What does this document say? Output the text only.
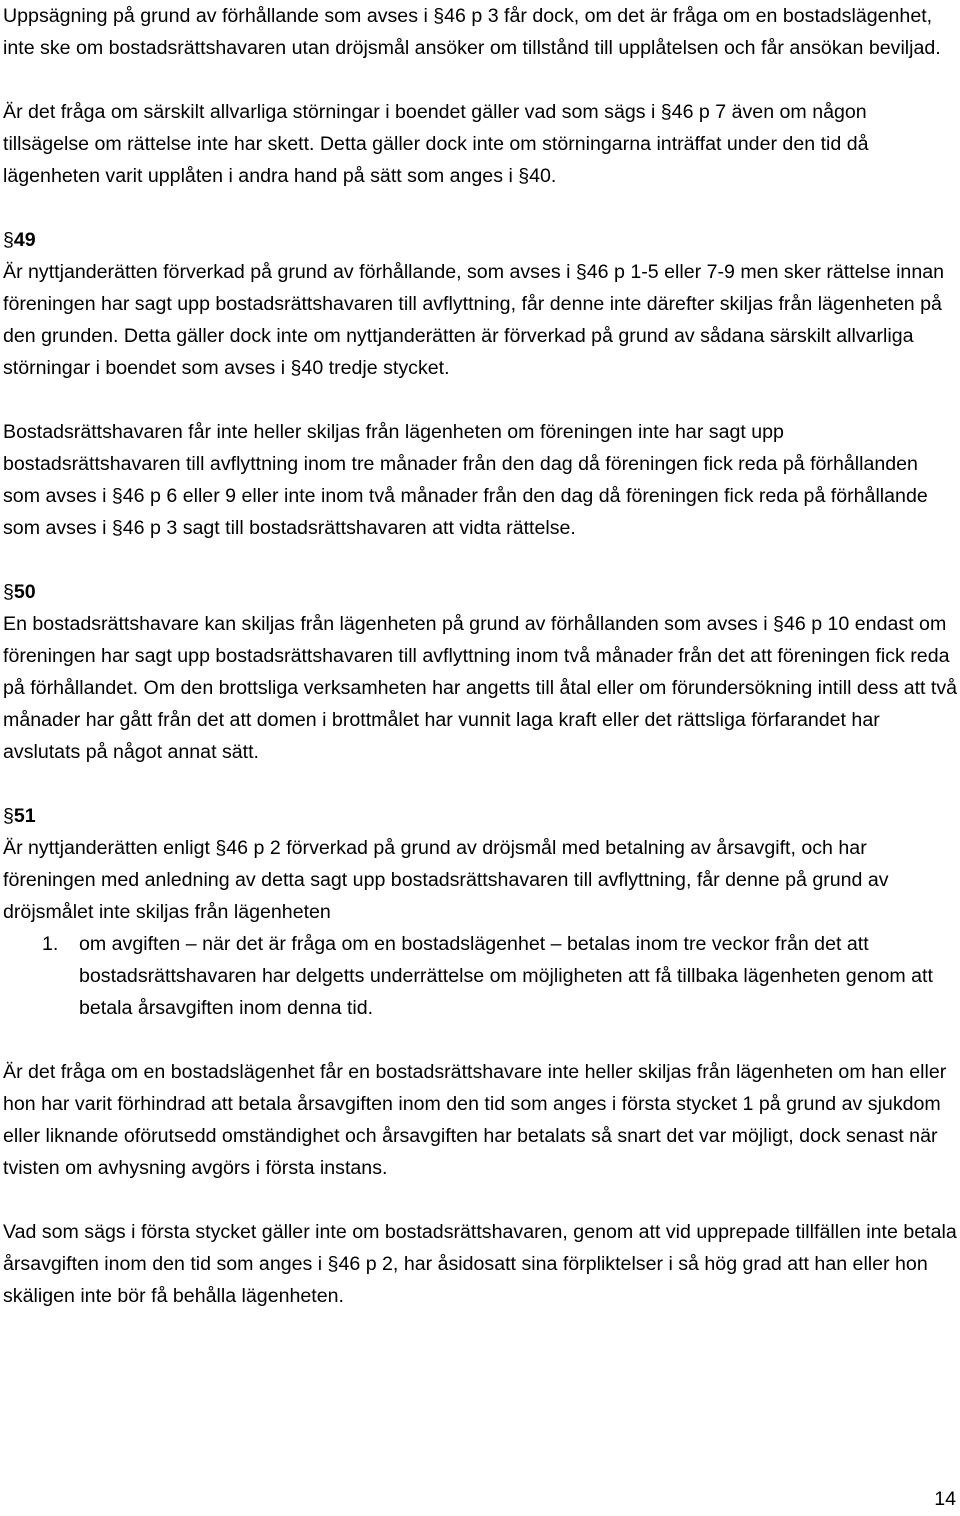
Uppsägning på grund av förhållande som avses i §46 p 3 får dock, om det är fråga om en bostadslägenhet, inte ske om bostadsrättshavaren utan dröjsmål ansöker om tillstånd till upplåtelsen och får ansökan beviljad.

Är det fråga om särskilt allvarliga störningar i boendet gäller vad som sägs i §46 p 7 även om någon tillsägelse om rättelse inte har skett. Detta gäller dock inte om störningarna inträffat under den tid då lägenheten varit upplåten i andra hand på sätt som anges i §40.

§49

Är nyttjanderätten förverkad på grund av förhållande, som avses i §46 p 1-5 eller 7-9 men sker rättelse innan föreningen har sagt upp bostadsrättshavaren till avflyttning, får denne inte därefter skiljas från lägenheten på den grunden. Detta gäller dock inte om nyttjanderätten är förverkad på grund av sådana särskilt allvarliga störningar i boendet som avses i §40 tredje stycket.

Bostadsrättshavaren får inte heller skiljas från lägenheten om föreningen inte har sagt upp bostadsrättshavaren till avflyttning inom tre månader från den dag då föreningen fick reda på förhållanden som avses i §46 p 6 eller 9 eller inte inom två månader från den dag då föreningen fick reda på förhållande som avses i §46 p 3 sagt till bostadsrättshavaren att vidta rättelse.

§50

En bostadsrättshavare kan skiljas från lägenheten på grund av förhållanden som avses i §46 p 10 endast om föreningen har sagt upp bostadsrättshavaren till avflyttning inom två månader från det att föreningen fick reda på förhållandet. Om den brottsliga verksamheten har angetts till åtal eller om förundersökning intill dess att två månader har gått från det att domen i brottmålet har vunnit laga kraft eller det rättsliga förfarandet har avslutats på något annat sätt.

§51

Är nyttjanderätten enligt §46 p 2 förverkad på grund av dröjsmål med betalning av årsavgift, och har föreningen med anledning av detta sagt upp bostadsrättshavaren till avflyttning, får denne på grund av dröjsmålet inte skiljas från lägenheten

1. om avgiften – när det är fråga om en bostadslägenhet – betalas inom tre veckor från det att bostadsrättshavaren har delgetts underrättelse om möjligheten att få tillbaka lägenheten genom att betala årsavgiften inom denna tid.

Är det fråga om en bostadslägenhet får en bostadsrättshavare inte heller skiljas från lägenheten om han eller hon har varit förhindrad att betala årsavgiften inom den tid som anges i första stycket 1 på grund av sjukdom eller liknande oförutsedd omständighet och årsavgiften har betalats så snart det var möjligt, dock senast när tvisten om avhysning avgörs i första instans.

Vad som sägs i första stycket gäller inte om bostadsrättshavaren, genom att vid upprepade tillfällen inte betala årsavgiften inom den tid som anges i §46 p 2, har åsidosatt sina förpliktelser i så hög grad att han eller hon skäligen inte bör få behålla lägenheten.

14
